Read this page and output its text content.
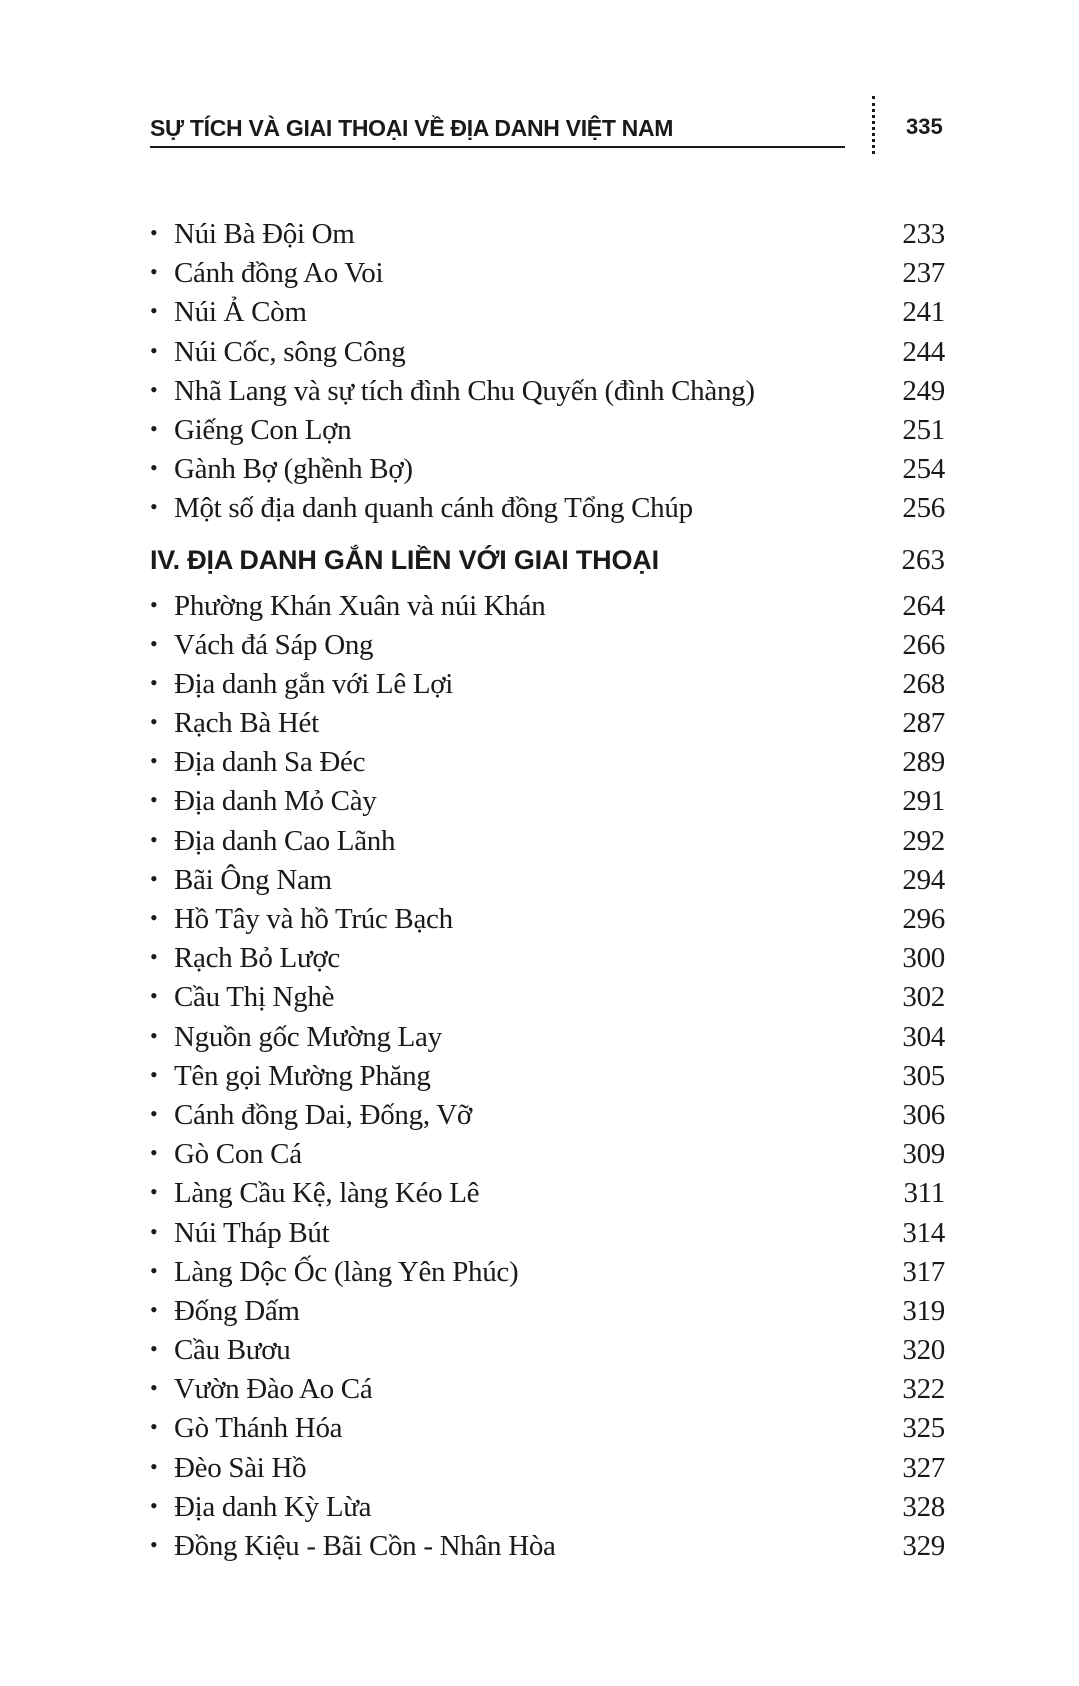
SỰ TÍCH VÀ GIAI THOẠI VỀ ĐỊA DANH VIỆT NAM	335
• Núi Bà Đội Om	233
• Cánh đồng Ao Voi	237
• Núi Ả Còm	241
• Núi Cốc, sông Công	244
• Nhã Lang và sự tích đình Chu Quyến (đình Chàng)	249
• Giếng Con Lợn	251
• Gành Bợ (ghềnh Bợ)	254
• Một số địa danh quanh cánh đồng Tổng Chúp	256
IV. ĐỊA DANH GẮN LIỀN VỚI GIAI THOẠI	263
• Phường Khán Xuân và núi Khán	264
• Vách đá Sáp Ong	266
• Địa danh gắn với Lê Lợi	268
• Rạch Bà Hét	287
• Địa danh Sa Đéc	289
• Địa danh Mỏ Cày	291
• Địa danh Cao Lãnh	292
• Bãi Ông Nam	294
• Hồ Tây và hồ Trúc Bạch	296
• Rạch Bỏ Lược	300
• Cầu Thị Nghè	302
• Nguồn gốc Mường Lay	304
• Tên gọi Mường Phăng	305
• Cánh đồng Dai, Đống, Vỡ	306
• Gò Con Cá	309
• Làng Cầu Kệ, làng Kéo Lê	311
• Núi Tháp Bút	314
• Làng Dộc Ốc (làng Yên Phúc)	317
• Đống Dấm	319
• Cầu Bươu	320
• Vườn Đào Ao Cá	322
• Gò Thánh Hóa	325
• Đèo Sài Hồ	327
• Địa danh Kỳ Lừa	328
• Đồng Kiệu - Bãi Cồn - Nhân Hòa	329
